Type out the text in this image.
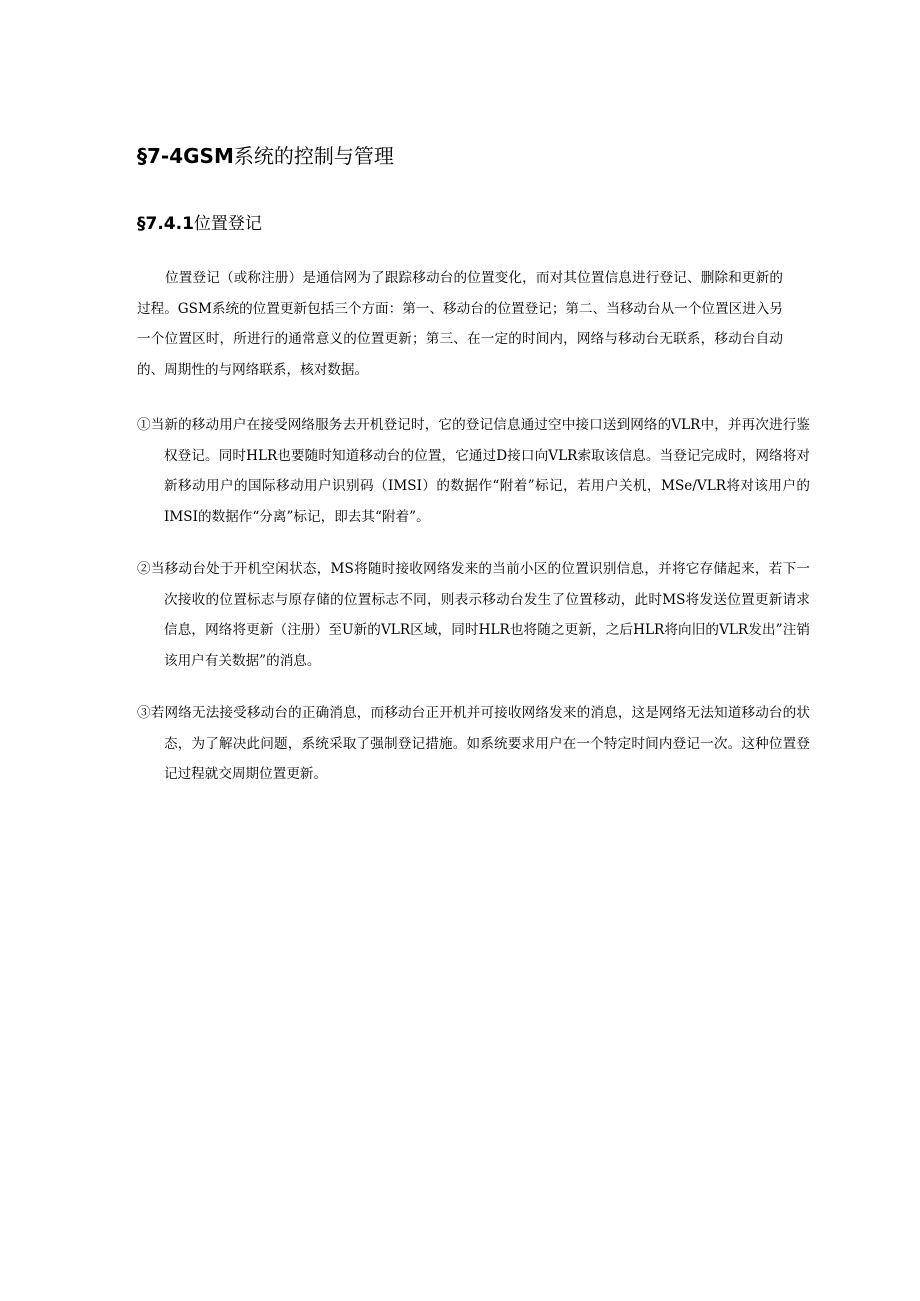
§7-4GSM系统的控制与管理
§7.4.1位置登记
位置登记（或称注册）是通信网为了跟踪移动台的位置变化，而对其位置信息进行登记、删除和更新的过程。GSM系统的位置更新包括三个方面：第一、移动台的位置登记；第二、当移动台从一个位置区进入另一个位置区时，所进行的通常意义的位置更新；第三、在一定的时间内，网络与移动台无联系，移动台自动的、周期性的与网络联系，核对数据。
①当新的移动用户在接受网络服务去开机登记时，它的登记信息通过空中接口送到网络的VLR中，并再次进行鉴权登记。同时HLR也要随时知道移动台的位置，它通过D接口向VLR索取该信息。当登记完成时，网络将对新移动用户的国际移动用户识别码（IMSI）的数据作“附着”标记，若用户关机，MSe/VLR将对该用户的IMSI的数据作“分离”标记，即去其“附着”。
②当移动台处于开机空闲状态，MS将随时接收网络发来的当前小区的位置识别信息，并将它存储起来，若下一次接收的位置标志与原存储的位置标志不同，则表示移动台发生了位置移动，此时MS将发送位置更新请求信息，网络将更新（注册）至U新的VLR区域，同时HLR也将随之更新，之后HLR将向旧的VLR发出”注销该用户有关数据”的消息。
③若网络无法接受移动台的正确消息，而移动台正开机并可接收网络发来的消息，这是网络无法知道移动台的状态，为了解决此问题，系统采取了强制登记措施。如系统要求用户在一个特定时间内登记一次。这种位置登记过程就交周期位置更新。
